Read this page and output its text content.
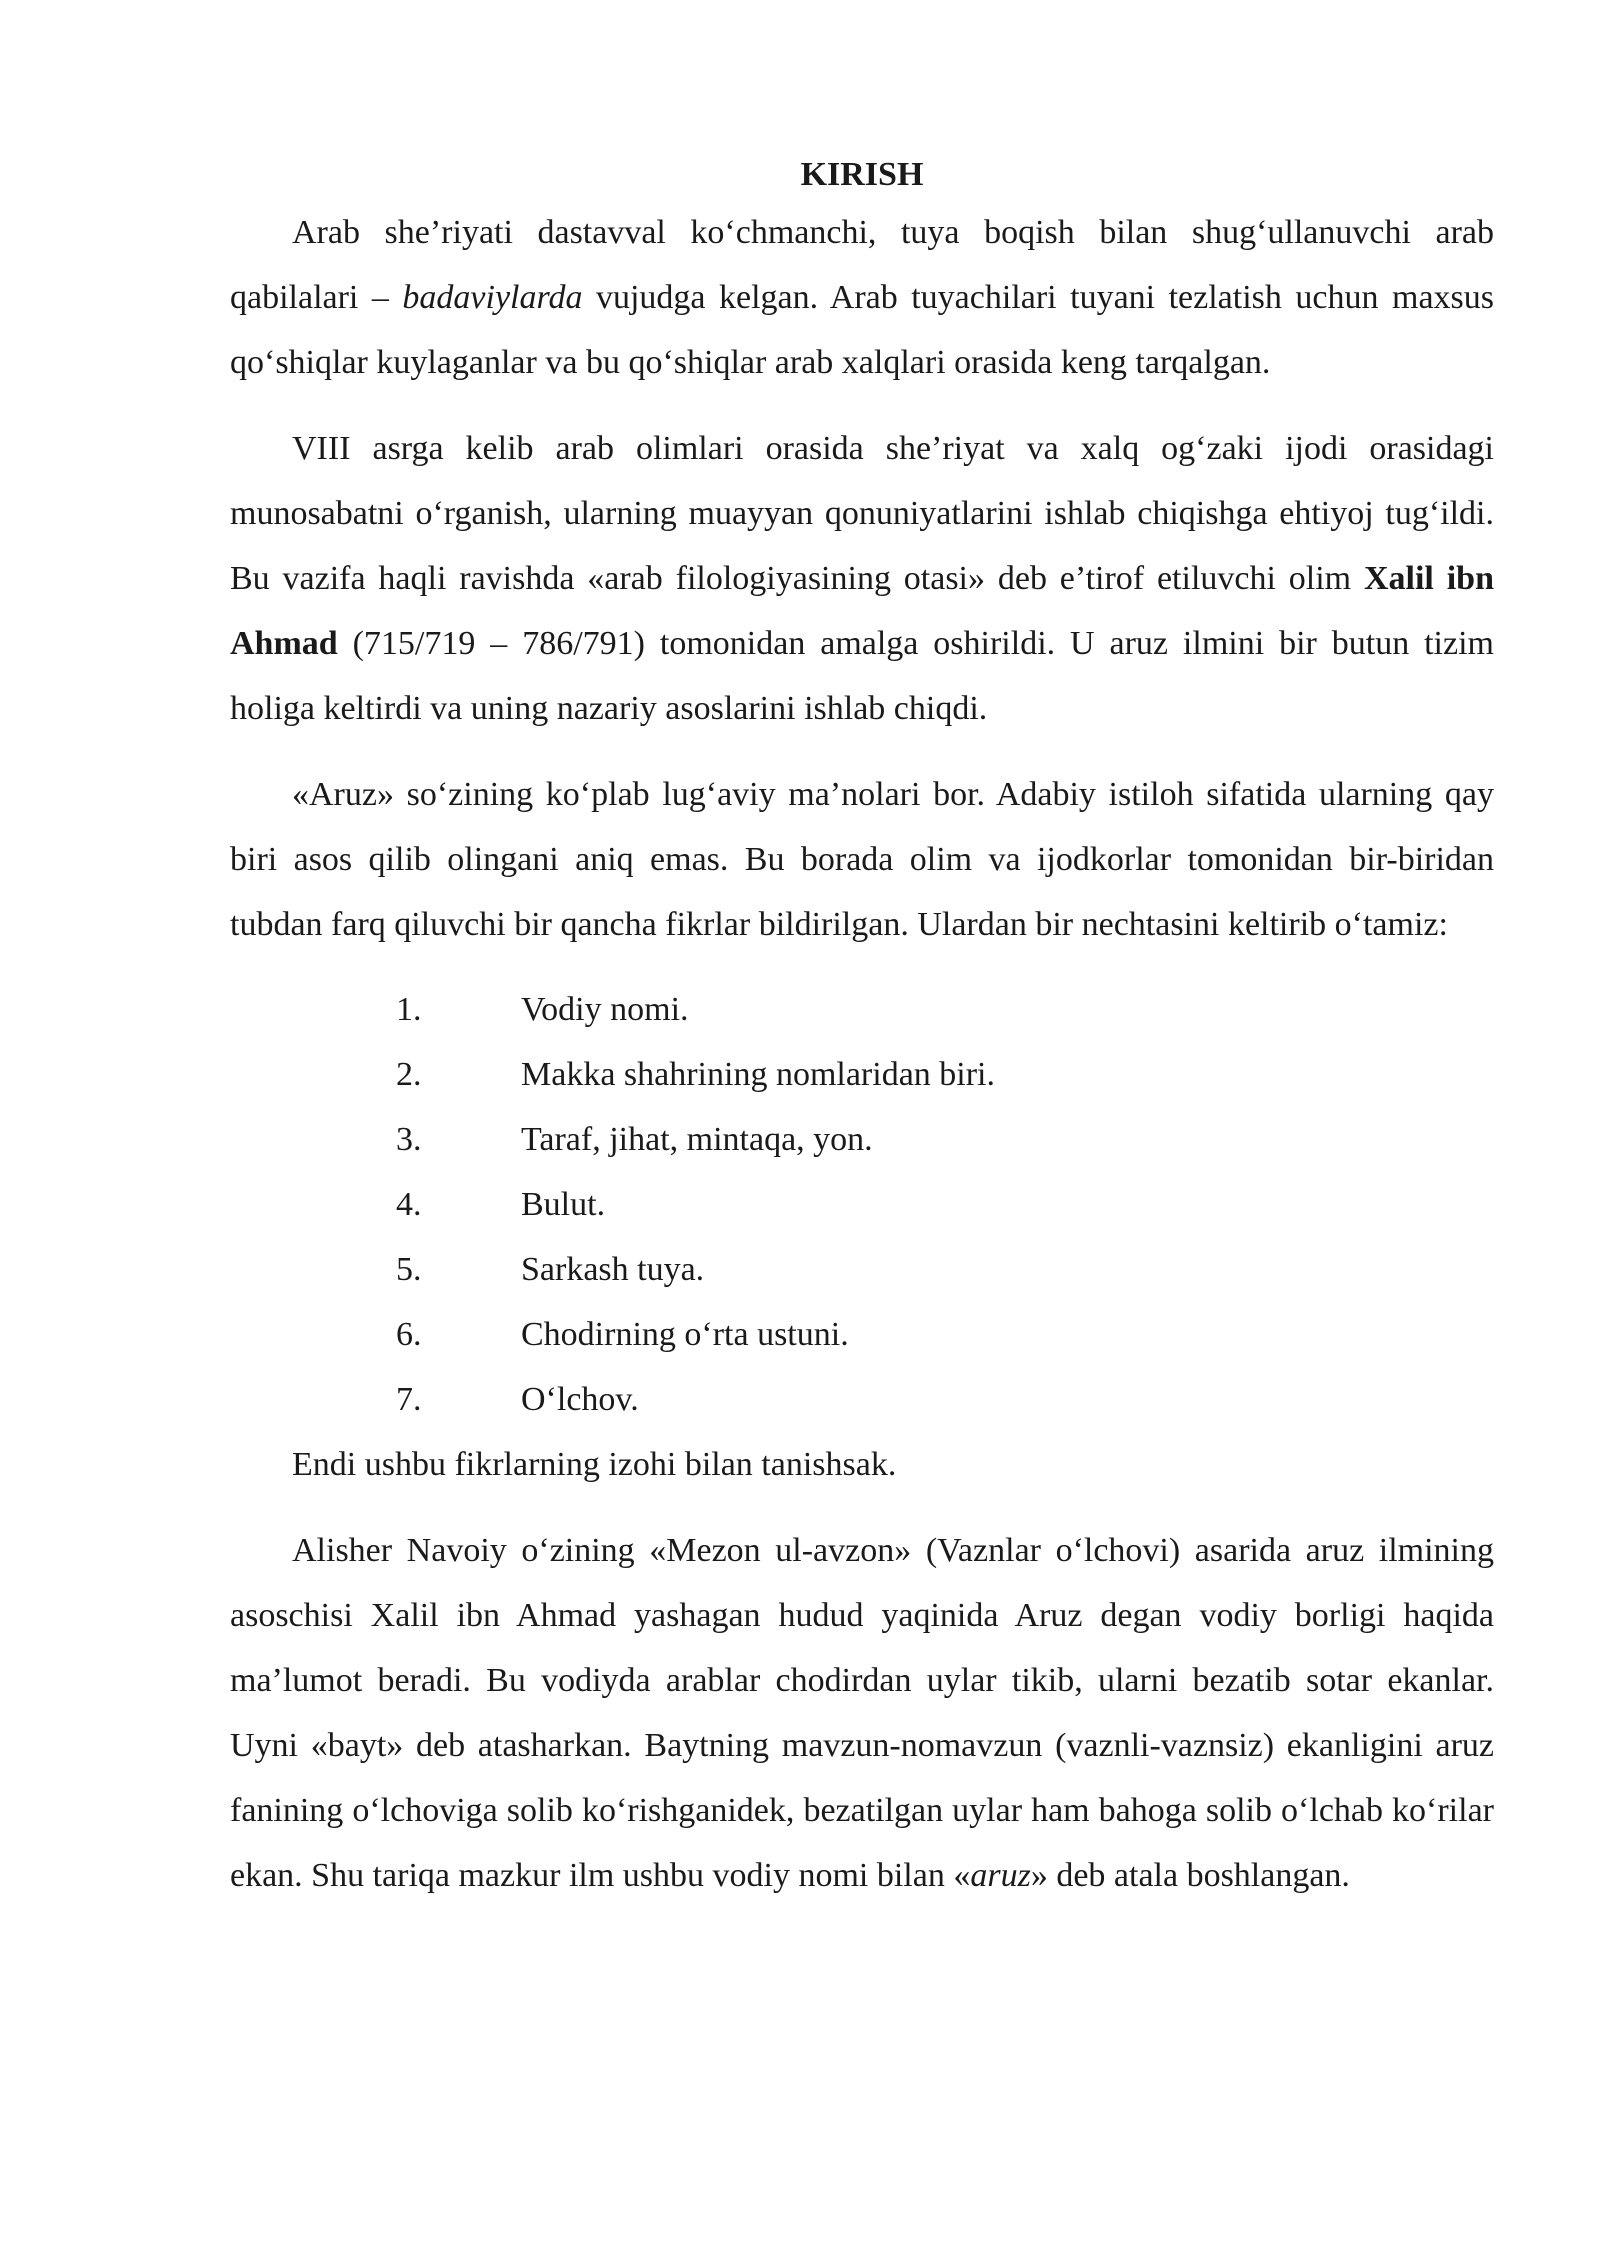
KIRISH

Arab she’riyati dastavval ko‘chmanchi, tuya boqish bilan shug‘ullanuvchi arab qabilalari – badaviylarda vujudga kelgan. Arab tuyachilari tuyani tezlatish uchun maxsus qo‘shiqlar kuylaganlar va bu qo‘shiqlar arab xalqlari orasida keng tarqalgan.

VIII asrga kelib arab olimlari orasida she’riyat va xalq og‘zaki ijodi orasidagi munosabatni o‘rganish, ularning muayyan qonuniyatlarini ishlab chiqishga ehtiyoj tug‘ildi. Bu vazifa haqli ravishda «arab filologiyasining otasi» deb e’tirof etiluvchi olim Xalil ibn Ahmad (715/719 – 786/791) tomonidan amalga oshirildi. U aruz ilmini bir butun tizim holiga keltirdi va uning nazariy asoslarini ishlab chiqdi.

«Aruz» so‘zining ko‘plab lug‘aviy ma’nolari bor. Adabiy istiloh sifatida ularning qay biri asos qilib olingani aniq emas. Bu borada olim va ijodkorlar tomonidan bir-biridan tubdan farq qiluvchi bir qancha fikrlar bildirilgan. Ulardan bir nechtasini keltirib o‘tamiz:

1.	Vodiy nomi.
2.	Makka shahrining nomlaridan biri.
3.	Taraf, jihat, mintaqa, yon.
4.	Bulut.
5.	Sarkash tuya.
6.	Chodirning o‘rta ustuni.
7.	O‘lchov.

Endi ushbu fikrlarning izohi bilan tanishsak.

Alisher Navoiy o‘zining «Mezon ul-avzon» (Vaznlar o‘lchovi) asarida aruz ilmining asoschisi Xalil ibn Ahmad yashagan hudud yaqinida Aruz degan vodiy borligi haqida ma’lumot beradi. Bu vodiyda arablar chodirdan uylar tikib, ularni bezatib sotar ekanlar. Uyni «bayt» deb atasharkan. Baytning mavzun-nomavzun (vaznli-vaznsiz) ekanligini aruz fanining o‘lchoviga solib ko‘rishganidek, bezatilgan uylar ham bahoga solib o‘lchab ko‘rilar ekan. Shu tariqa mazkur ilm ushbu vodiy nomi bilan «aruz» deb atala boshlangan.
